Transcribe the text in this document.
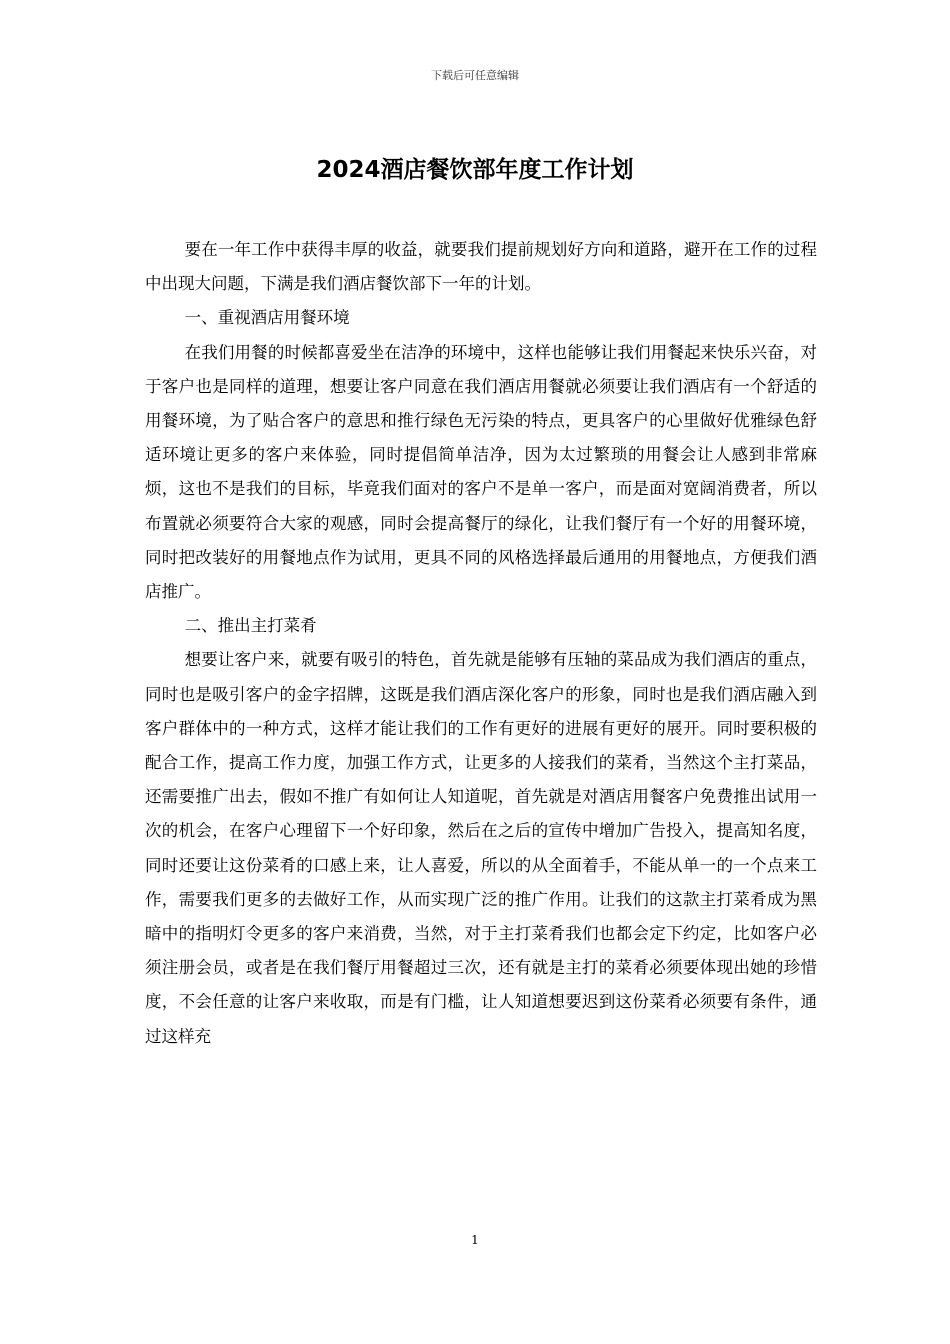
下载后可任意编辑
2024酒店餐饮部年度工作计划

要在一年工作中获得丰厚的收益，就要我们提前规划好方向和道路，避开在工作的过程中出现大问题，下满是我们酒店餐饮部下一年的计划。

一、重视酒店用餐环境

在我们用餐的时候都喜爱坐在洁净的环境中，这样也能够让我们用餐起来快乐兴奋，对于客户也是同样的道理，想要让客户同意在我们酒店用餐就必须要让我们酒店有一个舒适的用餐环境，为了贴合客户的意思和推行绿色无污染的特点，更具客户的心里做好优雅绿色舒适环境让更多的客户来体验，同时提倡简单洁净，因为太过繁琐的用餐会让人感到非常麻烦，这也不是我们的目标，毕竟我们面对的客户不是单一客户，而是面对宽阔消费者，所以布置就必须要符合大家的观感，同时会提高餐厅的绿化，让我们餐厅有一个好的用餐环境，同时把改装好的用餐地点作为试用，更具不同的风格选择最后通用的用餐地点，方便我们酒店推广。

二、推出主打菜肴

想要让客户来，就要有吸引的特色，首先就是能够有压轴的菜品成为我们酒店的重点，同时也是吸引客户的金字招牌，这既是我们酒店深化客户的形象，同时也是我们酒店融入到客户群体中的一种方式，这样才能让我们的工作有更好的进展有更好的展开。同时要积极的配合工作，提高工作力度，加强工作方式，让更多的人接我们的菜肴，当然这个主打菜品，还需要推广出去，假如不推广有如何让人知道呢，首先就是对酒店用餐客户免费推出试用一次的机会，在客户心理留下一个好印象，然后在之后的宣传中增加广告投入，提高知名度，同时还要让这份菜肴的口感上来，让人喜爱，所以的从全面着手，不能从单一的一个点来工作，需要我们更多的去做好工作，从而实现广泛的推广作用。让我们的这款主打菜肴成为黑暗中的指明灯令更多的客户来消费，当然，对于主打菜肴我们也都会定下约定，比如客户必须注册会员，或者是在我们餐厅用餐超过三次，还有就是主打的菜肴必须要体现出她的珍惜度，不会任意的让客户来收取，而是有门槛，让人知道想要迟到这份菜肴必须要有条件，通过这样充

1
